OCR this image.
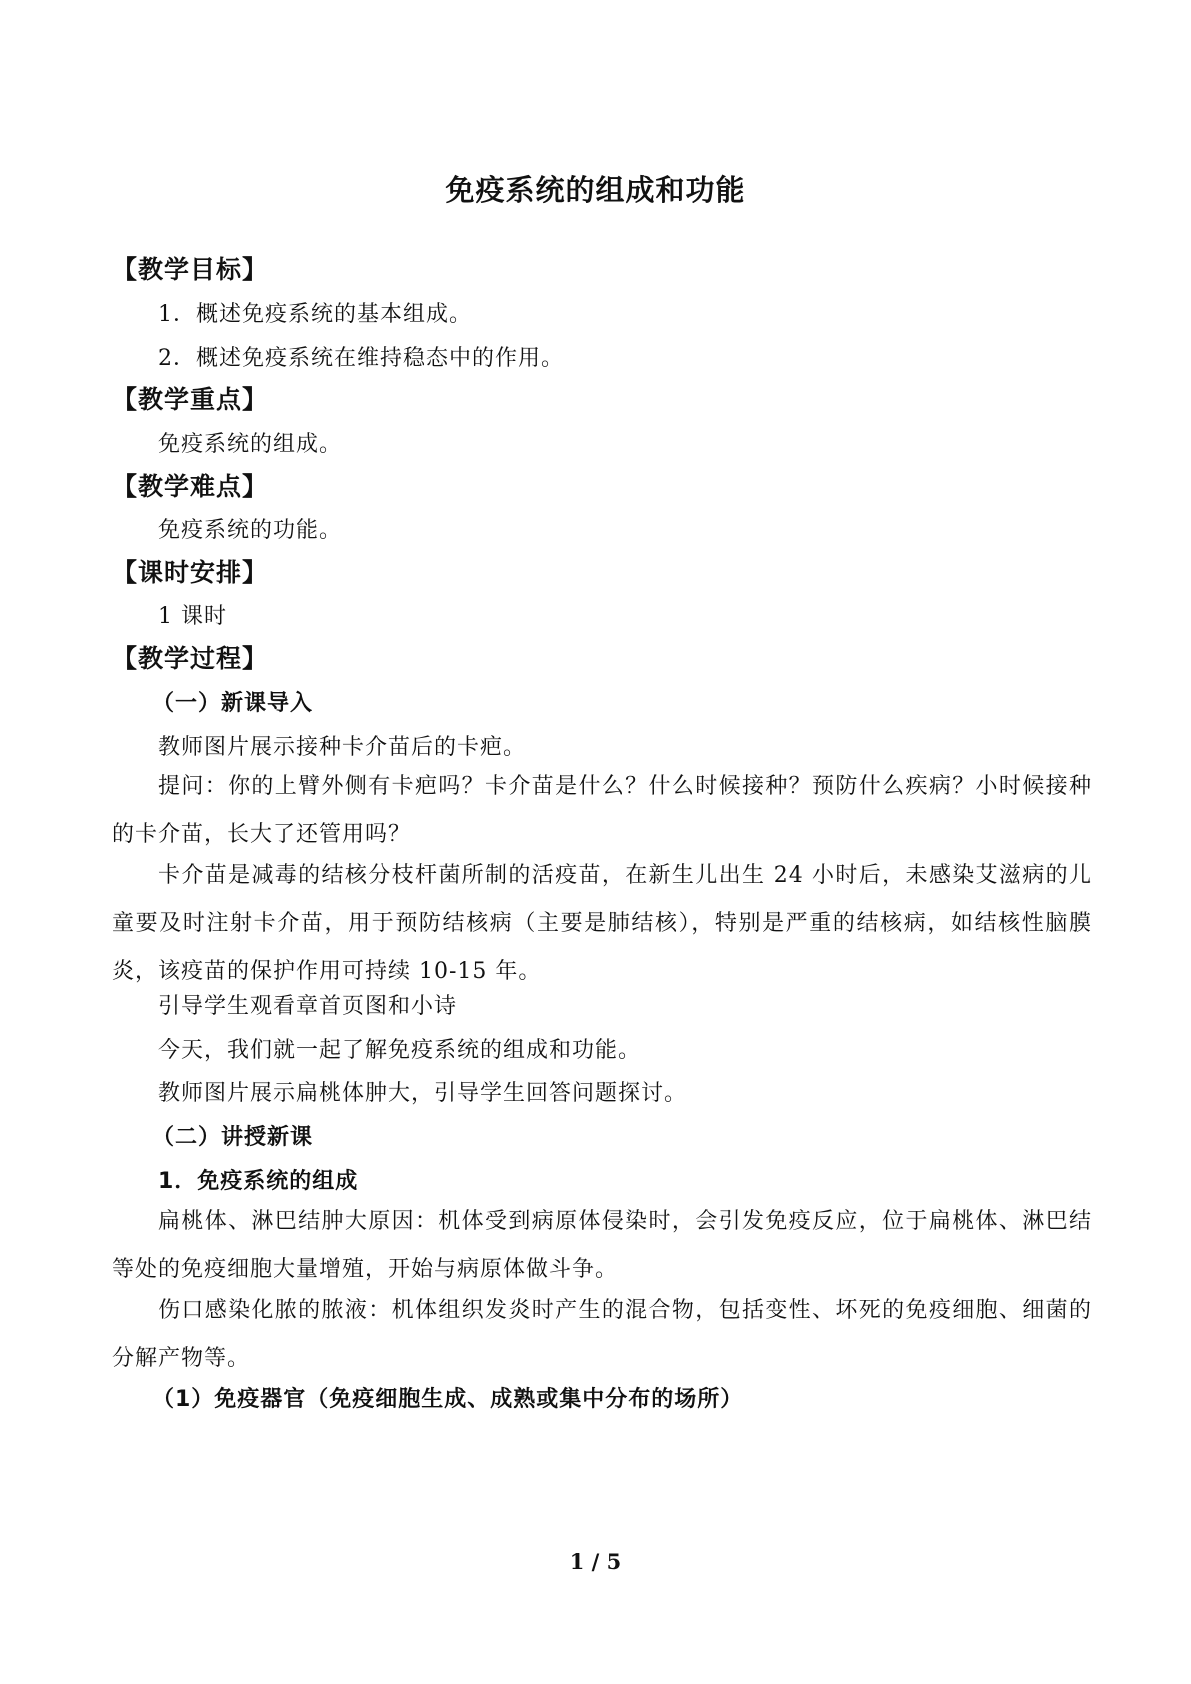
免疫系统的组成和功能
【教学目标】
1．概述免疫系统的基本组成。
2．概述免疫系统在维持稳态中的作用。
【教学重点】
免疫系统的组成。
【教学难点】
免疫系统的功能。
【课时安排】
1 课时
【教学过程】
（一）新课导入
教师图片展示接种卡介苗后的卡疤。
提问：你的上臂外侧有卡疤吗？卡介苗是什么？什么时候接种？预防什么疾病？小时候接种的卡介苗，长大了还管用吗？
卡介苗是减毒的结核分枝杆菌所制的活疫苗，在新生儿出生 24 小时后，未感染艾滋病的儿童要及时注射卡介苗，用于预防结核病（主要是肺结核），特别是严重的结核病，如结核性脑膜炎，该疫苗的保护作用可持续 10-15 年。
引导学生观看章首页图和小诗
今天，我们就一起了解免疫系统的组成和功能。
教师图片展示扁桃体肿大，引导学生回答问题探讨。
（二）讲授新课
1．免疫系统的组成
扁桃体、淋巴结肿大原因：机体受到病原体侵染时，会引发免疫反应，位于扁桃体、淋巴结等处的免疫细胞大量增殖，开始与病原体做斗争。
伤口感染化脓的脓液：机体组织发炎时产生的混合物，包括变性、坏死的免疫细胞、细菌的分解产物等。
（1）免疫器官（免疫细胞生成、成熟或集中分布的场所）
1 / 5
